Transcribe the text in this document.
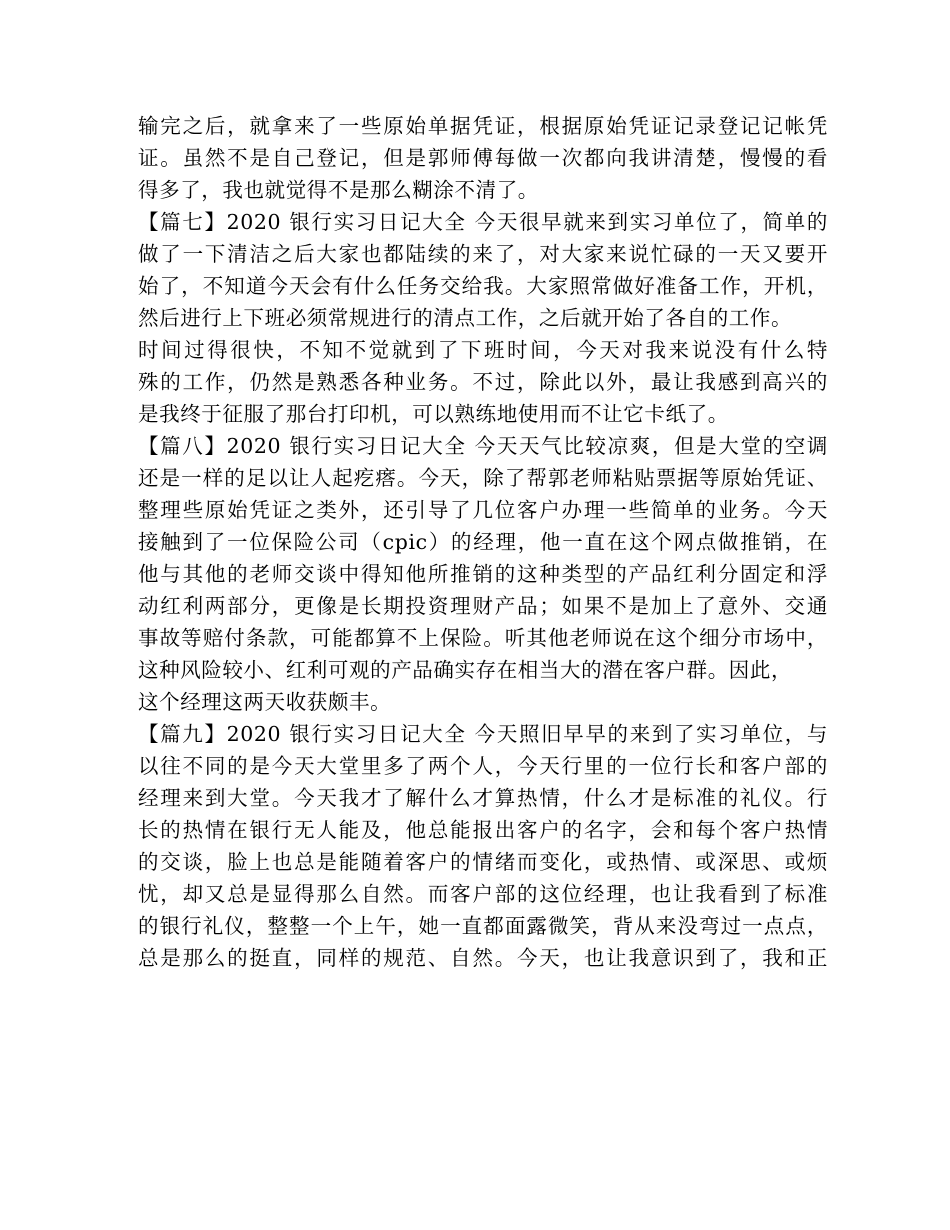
输完之后，就拿来了一些原始单据凭证，根据原始凭证记录登记记帐凭
证。虽然不是自己登记，但是郭师傅每做一次都向我讲清楚，慢慢的看
得多了，我也就觉得不是那么糊涂不清了。
【篇七】2020 银行实习日记大全 今天很早就来到实习单位了，简单的
做了一下清洁之后大家也都陆续的来了，对大家来说忙碌的一天又要开
始了，不知道今天会有什么任务交给我。大家照常做好准备工作，开机，
然后进行上下班必须常规进行的清点工作，之后就开始了各自的工作。
时间过得很快，不知不觉就到了下班时间，今天对我来说没有什么特
殊的工作，仍然是熟悉各种业务。不过，除此以外，最让我感到高兴的
是我终于征服了那台打印机，可以熟练地使用而不让它卡纸了。
【篇八】2020 银行实习日记大全 今天天气比较凉爽，但是大堂的空调
还是一样的足以让人起疙瘩。今天，除了帮郭老师粘贴票据等原始凭证、
整理些原始凭证之类外，还引导了几位客户办理一些简单的业务。今天
接触到了一位保险公司（cpic）的经理，他一直在这个网点做推销，在
他与其他的老师交谈中得知他所推销的这种类型的产品红利分固定和浮
动红利两部分，更像是长期投资理财产品；如果不是加上了意外、交通
事故等赔付条款，可能都算不上保险。听其他老师说在这个细分市场中，
这种风险较小、红利可观的产品确实存在相当大的潜在客户群。因此，
这个经理这两天收获颇丰。
【篇九】2020 银行实习日记大全 今天照旧早早的来到了实习单位，与
以往不同的是今天大堂里多了两个人，今天行里的一位行长和客户部的
经理来到大堂。今天我才了解什么才算热情，什么才是标准的礼仪。行
长的热情在银行无人能及，他总能报出客户的名字，会和每个客户热情
的交谈，脸上也总是能随着客户的情绪而变化，或热情、或深思、或烦
忧，却又总是显得那么自然。而客户部的这位经理，也让我看到了标准
的银行礼仪，整整一个上午，她一直都面露微笑，背从来没弯过一点点，
总是那么的挺直，同样的规范、自然。今天，也让我意识到了，我和正
